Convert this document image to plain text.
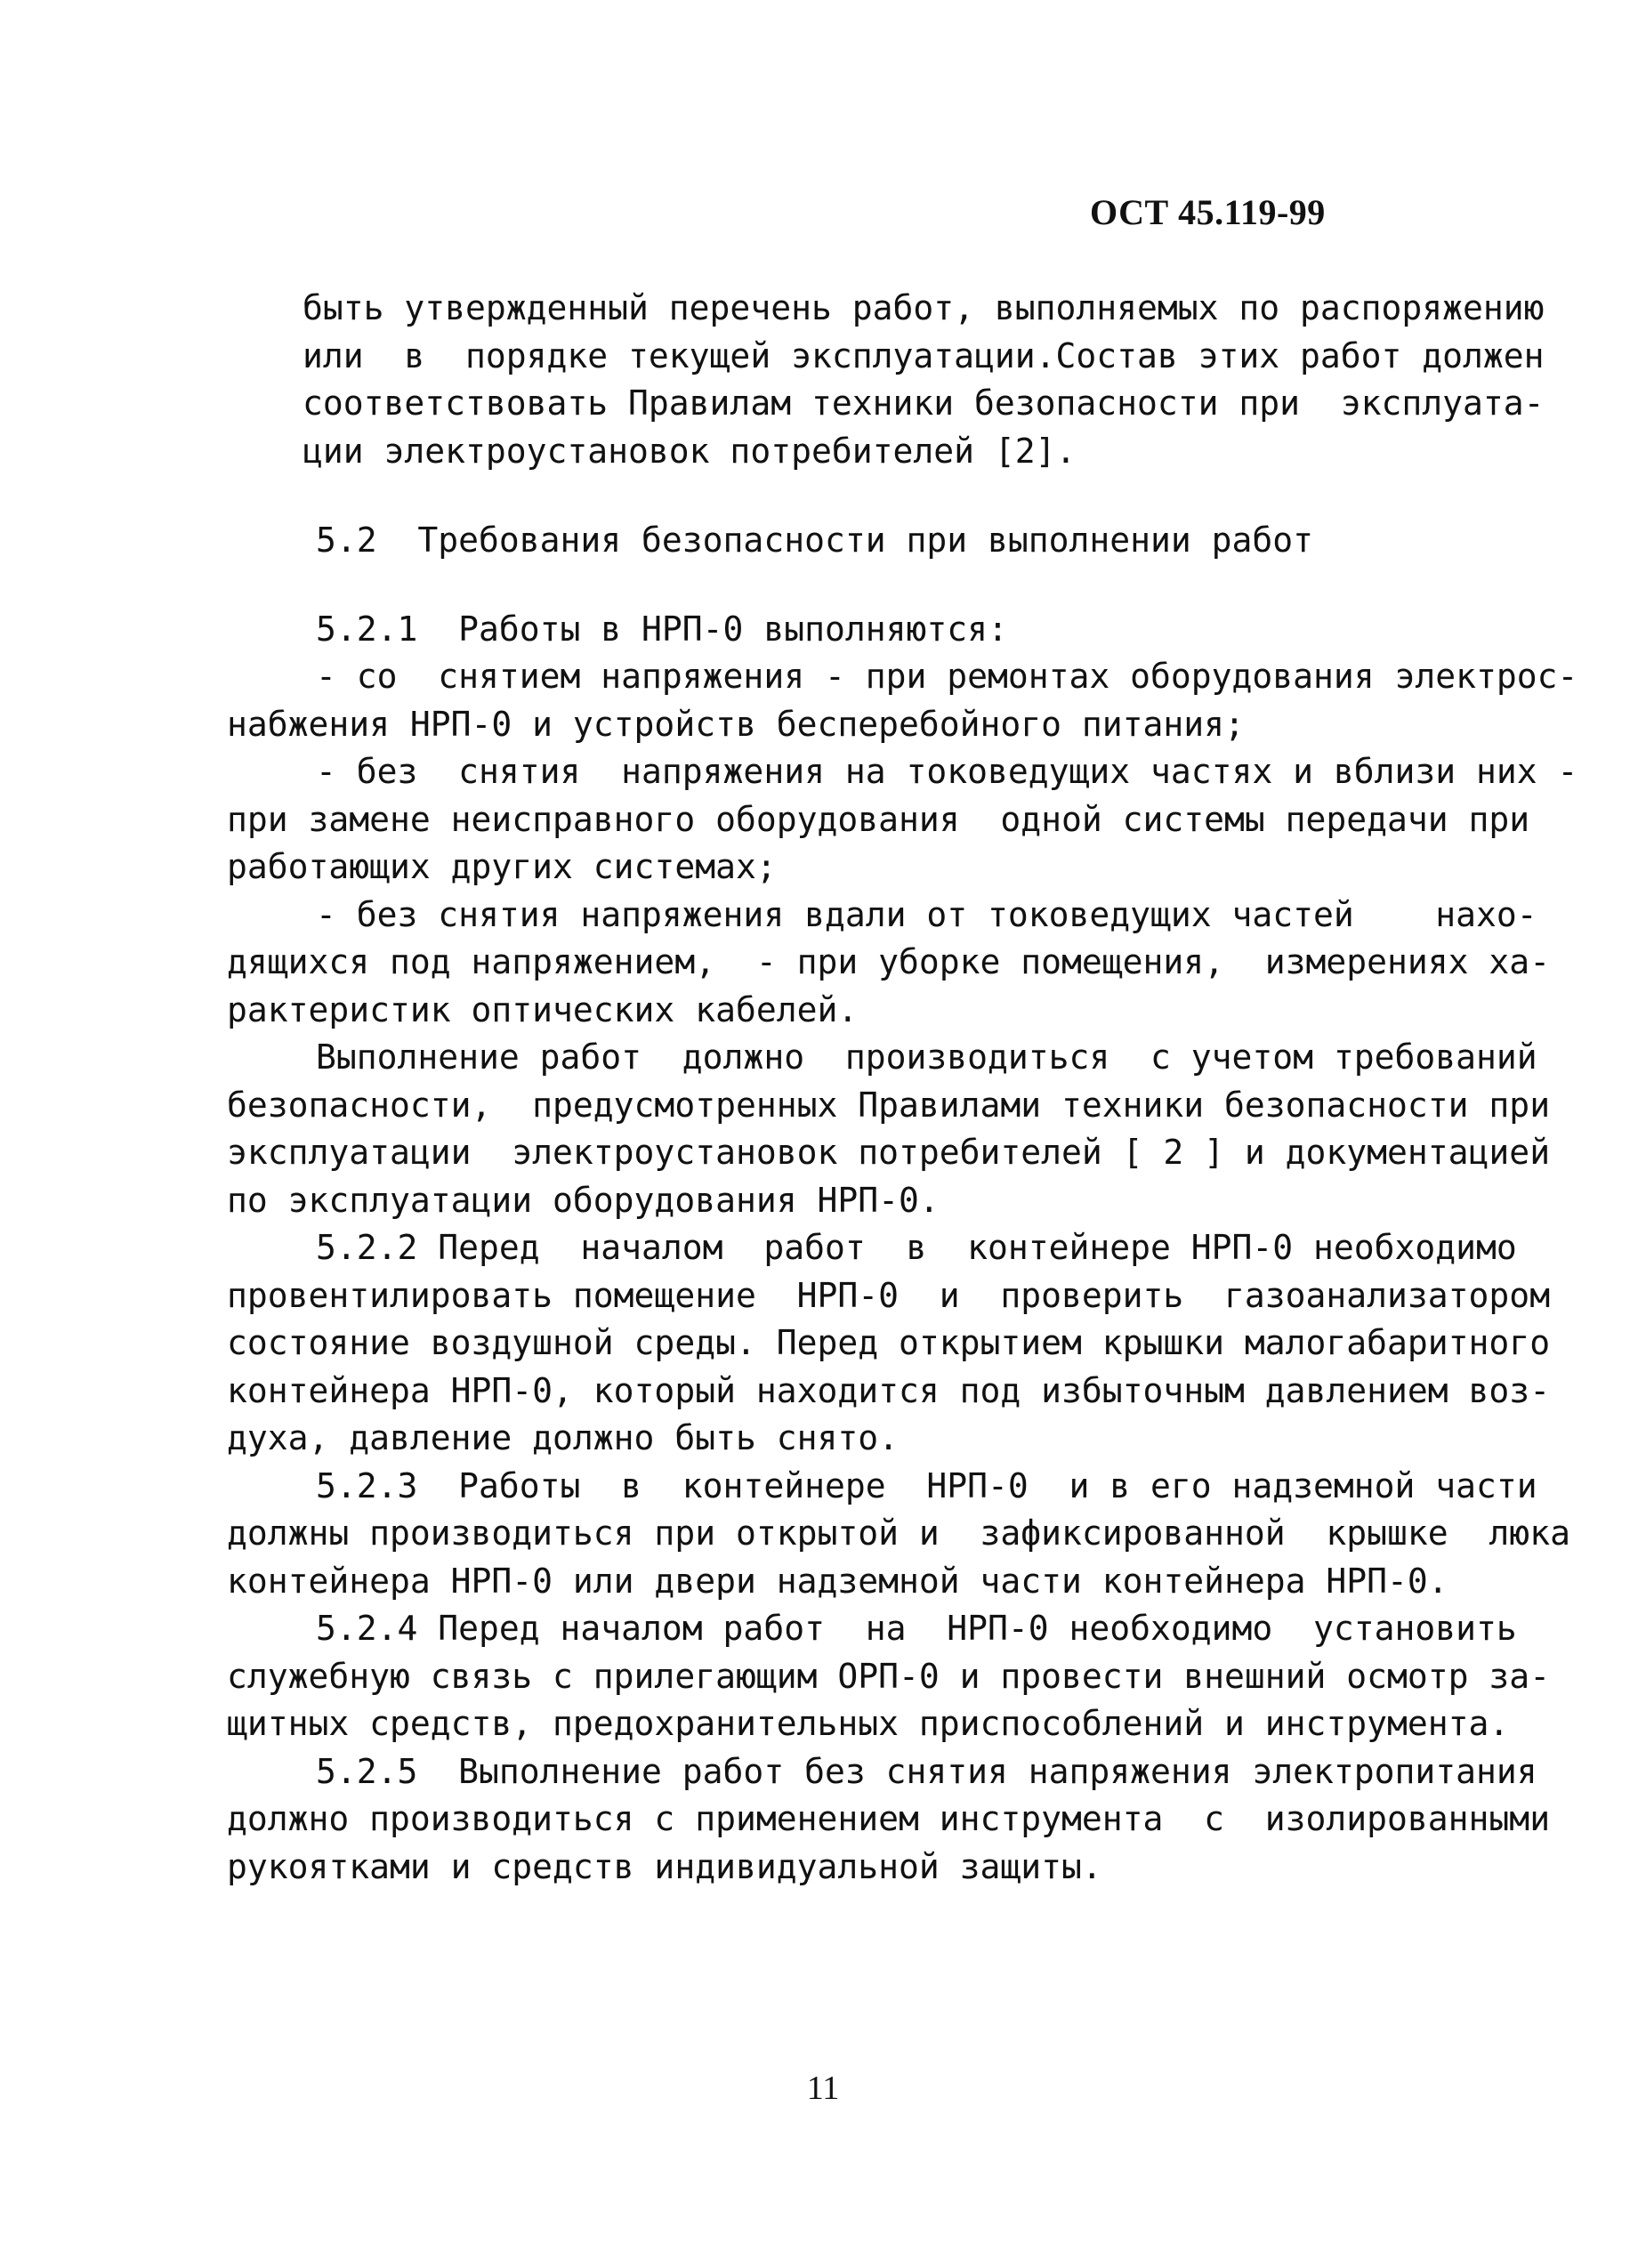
ОСТ 45.119-99
быть утвержденный перечень работ, выполняемых по распоряжению
или  в  порядке текущей эксплуатации.Состав этих работ должен
соответствовать Правилам техники безопасности при  эксплуата-
ции электроустановок потребителей [2].
5.2  Требования безопасности при выполнении работ
5.2.1  Работы в НРП-0 выполняются:
- со  снятием напряжения - при ремонтах оборудования электрос-
набжения НРП-0 и устройств бесперебойного питания;
- без  снятия  напряжения на токоведущих частях и вблизи них -
при замене неисправного оборудования  одной системы передачи при
работающих других системах;
- без снятия напряжения вдали от токоведущих частей    нахо-
дящихся под напряжением,  - при уборке помещения,  измерениях ха-
рактеристик оптических кабелей.
Выполнение работ  должно  производиться  с учетом требований
безопасности,  предусмотренных Правилами техники безопасности при
эксплуатации  электроустановок потребителей [ 2 ] и документацией
по эксплуатации оборудования НРП-0.
5.2.2 Перед  началом  работ  в  контейнере НРП-0 необходимо
провентилировать помещение  НРП-0  и  проверить  газоанализатором
состояние воздушной среды. Перед открытием крышки малогабаритного
контейнера НРП-0, который находится под избыточным давлением воз-
духа, давление должно быть снято.
5.2.3  Работы  в  контейнере  НРП-0  и в его надземной части
должны производиться при открытой и  зафиксированной  крышке  люка
контейнера НРП-0 или двери надземной части контейнера НРП-0.
5.2.4 Перед началом работ  на  НРП-0 необходимо  установить
служебную связь с прилегающим ОРП-0 и провести внешний осмотр за-
щитных средств, предохранительных приспособлений и инструмента.
5.2.5  Выполнение работ без снятия напряжения электропитания
должно производиться с применением инструмента  с  изолированными
рукоятками и средств индивидуальной защиты.
11
